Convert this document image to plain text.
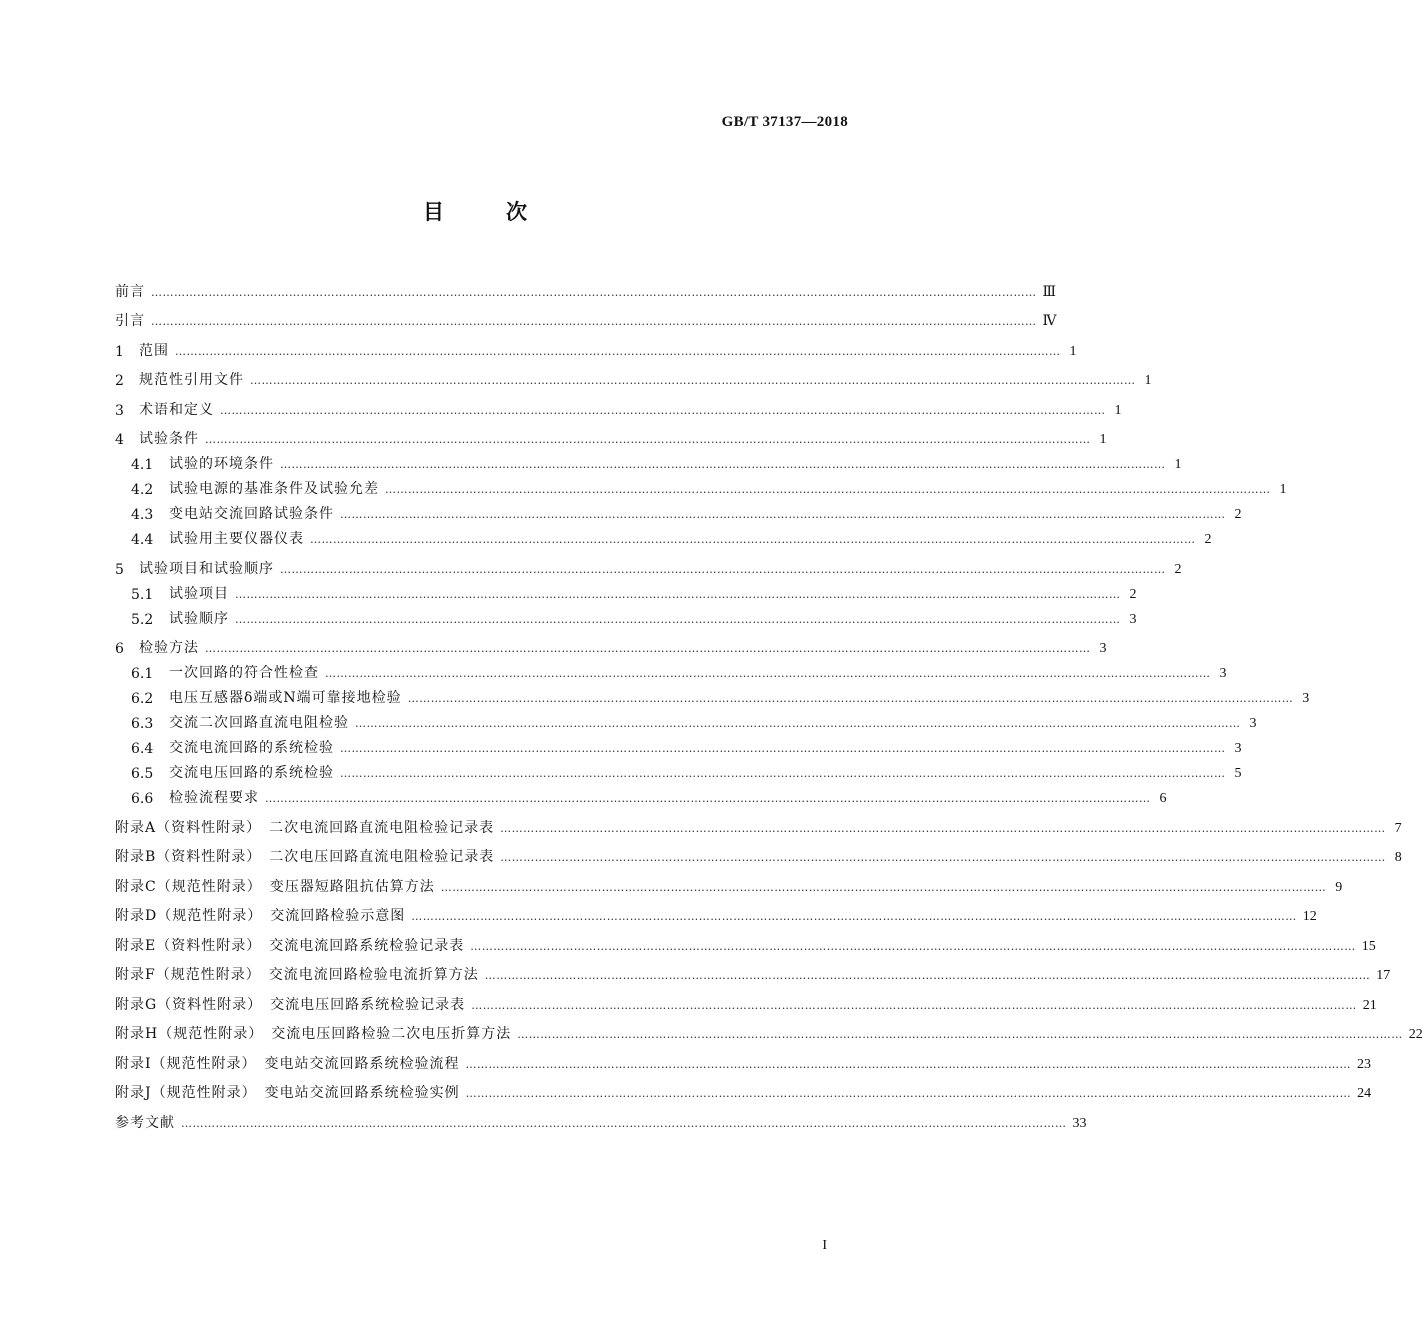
GB/T 37137—2018
目次
前言 …………………………………………………………………………………………………………………………………………………………………………………………………………… Ⅲ
引言 …………………………………………………………………………………………………………………………………………………………………………………………………………… Ⅳ
1	范围 …………………………………………………………………………………………………………………………………………………………………………………………………………… 1
2	规范性引用文件 …………………………………………………………………………………………………………………………………………………………………………………………………………… 1
3	术语和定义 …………………………………………………………………………………………………………………………………………………………………………………………………………… 1
4	试验条件 …………………………………………………………………………………………………………………………………………………………………………………………………………… 1
4.1	试验的环境条件 …………………………………………………………………………………………………………………………………………………………………………………………………………… 1
4.2	试验电源的基准条件及试验允差 …………………………………………………………………………………………………………………………………………………………………………………………………………… 1
4.3	变电站交流回路试验条件 …………………………………………………………………………………………………………………………………………………………………………………………………………… 2
4.4	试验用主要仪器仪表 …………………………………………………………………………………………………………………………………………………………………………………………………………… 2
5	试验项目和试验顺序 …………………………………………………………………………………………………………………………………………………………………………………………………………… 2
5.1	试验项目 …………………………………………………………………………………………………………………………………………………………………………………………………………… 2
5.2	试验顺序 …………………………………………………………………………………………………………………………………………………………………………………………………………… 3
6	检验方法 …………………………………………………………………………………………………………………………………………………………………………………………………………… 3
6.1	一次回路的符合性检查 …………………………………………………………………………………………………………………………………………………………………………………………………………… 3
6.2	电压互感器δ端或N端可靠接地检验 …………………………………………………………………………………………………………………………………………………………………………………………………………… 3
6.3	交流二次回路直流电阻检验 …………………………………………………………………………………………………………………………………………………………………………………………………………… 3
6.4	交流电流回路的系统检验 …………………………………………………………………………………………………………………………………………………………………………………………………………… 3
6.5	交流电压回路的系统检验 …………………………………………………………………………………………………………………………………………………………………………………………………………… 5
6.6	检验流程要求 …………………………………………………………………………………………………………………………………………………………………………………………………………… 6
附录A（资料性附录）　二次电流回路直流电阻检验记录表 …………………………………………………………………………………………………………………………………………………………………………………………………………… 7
附录B（资料性附录）　二次电压回路直流电阻检验记录表 …………………………………………………………………………………………………………………………………………………………………………………………………………… 8
附录C（规范性附录）　变压器短路阻抗估算方法 …………………………………………………………………………………………………………………………………………………………………………………………………………… 9
附录D（规范性附录）　交流回路检验示意图 …………………………………………………………………………………………………………………………………………………………………………………………………………… 12
附录E（资料性附录）　交流电流回路系统检验记录表 …………………………………………………………………………………………………………………………………………………………………………………………………………… 15
附录F（规范性附录）　交流电流回路检验电流折算方法 …………………………………………………………………………………………………………………………………………………………………………………………………………… 17
附录G（资料性附录）　交流电压回路系统检验记录表 …………………………………………………………………………………………………………………………………………………………………………………………………………… 21
附录H（规范性附录）　交流电压回路检验二次电压折算方法 …………………………………………………………………………………………………………………………………………………………………………………………………………… 22
附录I（规范性附录）　变电站交流回路系统检验流程 …………………………………………………………………………………………………………………………………………………………………………………………………………… 23
附录J（规范性附录）　变电站交流回路系统检验实例 …………………………………………………………………………………………………………………………………………………………………………………………………………… 24
参考文献 …………………………………………………………………………………………………………………………………………………………………………………………………………… 33
I
